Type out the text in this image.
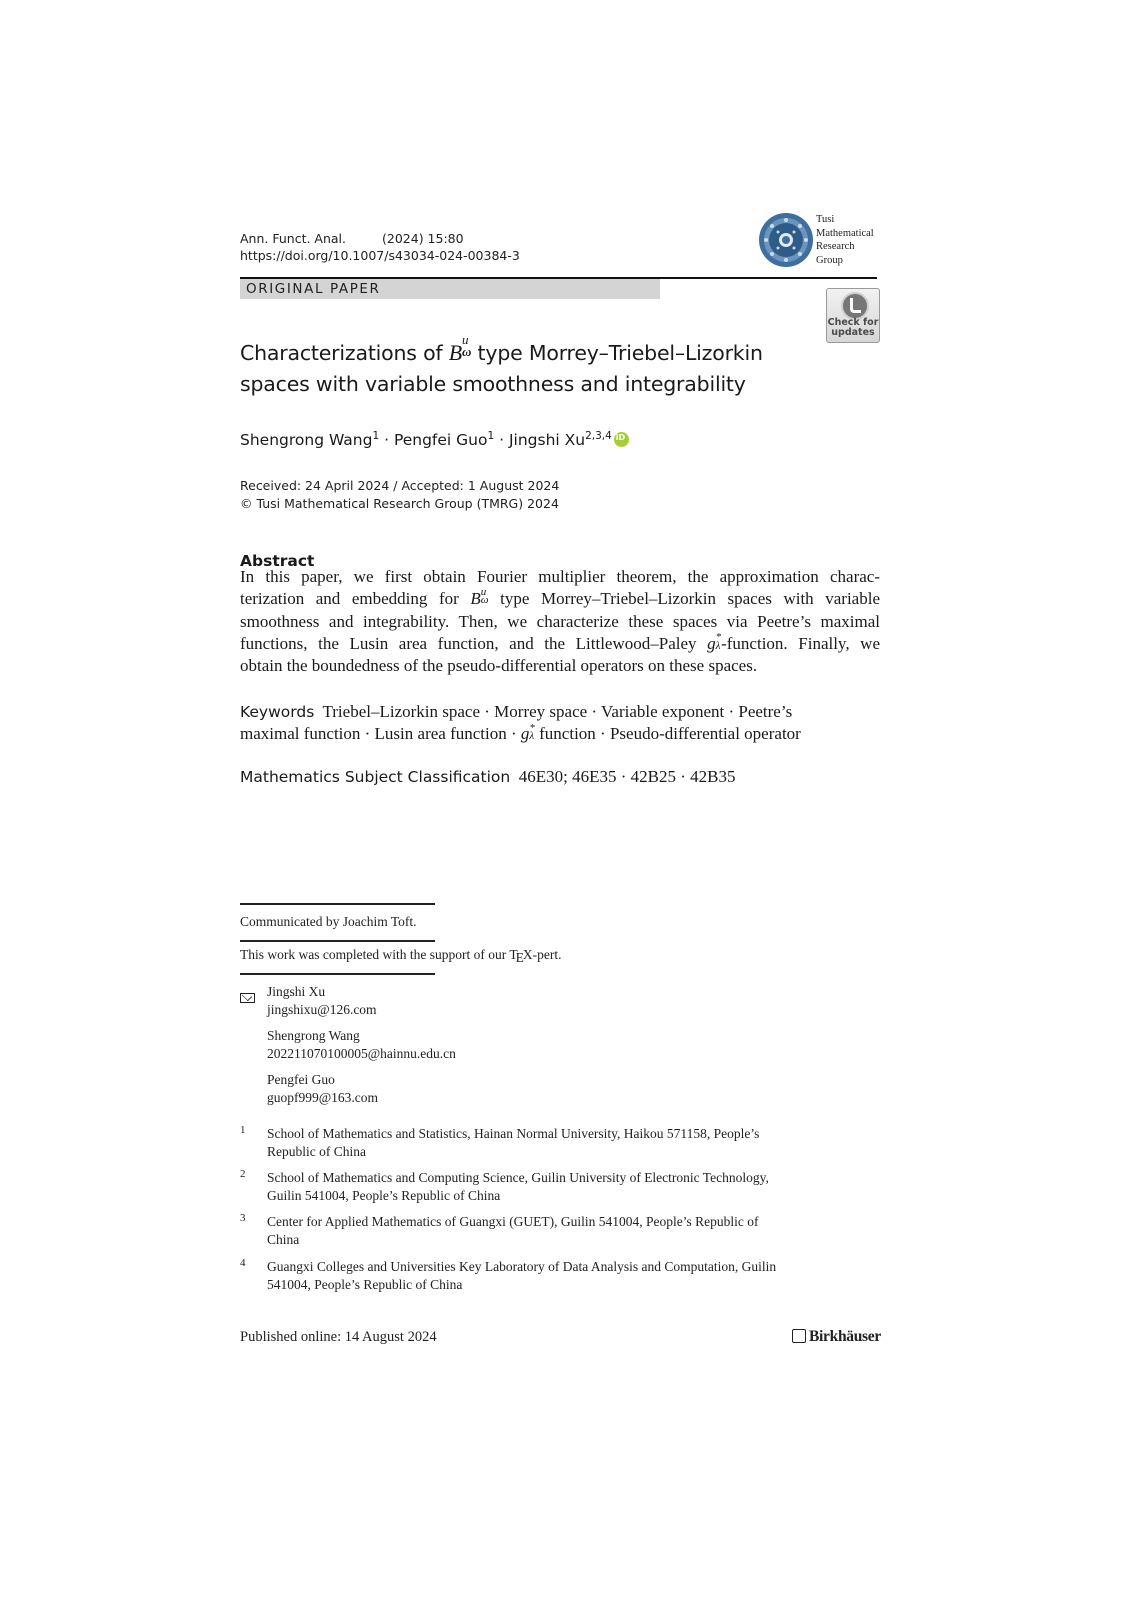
Ann. Funct. Anal.	(2024) 15:80
https://doi.org/10.1007/s43034-024-00384-3
Tusi
Mathematical
Research
Group
ORIGINAL PAPER
Check for
updates
Characterizations of B
u
ω type Morrey–Triebel–Lizorkin
spaces with variable smoothness and integrability
Shengrong Wang$^1$ · Pengfei Guo$^1$ · Jingshi Xu$^{2,3,4}$iD
Received: 24 April 2024 / Accepted: 1 August 2024
© Tusi Mathematical Research Group (TMRG) 2024
Abstract
In this paper, we first obtain Fourier multiplier theorem, the approximation charac-
terization and embedding for B u
ω type Morrey–Triebel–Lizorkin spaces with variable
smoothness and integrability. Then, we characterize these spaces via Peetre’s maximal
functions, the Lusin area function, and the Littlewood–Paley g *
λ -function. Finally, we
obtain the boundedness of the pseudo-differential operators on these spaces.
Keywords Triebel–Lizorkin space · Morrey space · Variable exponent · Peetre’s
maximal function · Lusin area function · g *
λ function · Pseudo-differential operator
Mathematics Subject Classification 46E30; 46E35 · 42B25 · 42B35
Communicated by Joachim Toft.
This work was completed with the support of our TEX-pert.
Jingshi Xu
jingshixu@126.com
Shengrong Wang
202211070100005@hainnu.edu.cn
Pengfei Guo
guopf999@163.com
1 School of Mathematics and Statistics, Hainan Normal University, Haikou 571158, People’s
Republic of China
2 School of Mathematics and Computing Science, Guilin University of Electronic Technology,
Guilin 541004, People’s Republic of China
3 Center for Applied Mathematics of Guangxi (GUET), Guilin 541004, People’s Republic of
China
4 Guangxi Colleges and Universities Key Laboratory of Data Analysis and Computation, Guilin
541004, People’s Republic of China
Published online: 14 August 2024	Birkhäuser
